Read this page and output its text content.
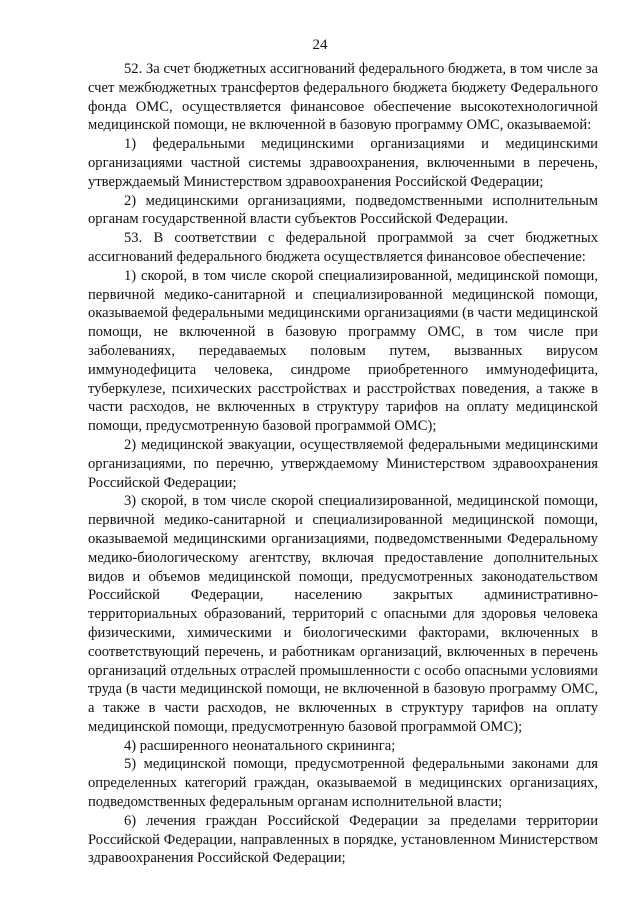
24

52. За счет бюджетных ассигнований федерального бюджета, в том числе за счет межбюджетных трансфертов федерального бюджета бюджету Федерального фонда ОМС, осуществляется финансовое обеспечение высокотехнологичной медицинской помощи, не включенной в базовую программу ОМС, оказываемой:

1) федеральными медицинскими организациями и медицинскими организациями частной системы здравоохранения, включенными в перечень, утверждаемый Министерством здравоохранения Российской Федерации;

2) медицинскими организациями, подведомственными исполнительным органам государственной власти субъектов Российской Федерации.

53. В соответствии с федеральной программой за счет бюджетных ассигнований федерального бюджета осуществляется финансовое обеспечение:

1) скорой, в том числе скорой специализированной, медицинской помощи, первичной медико-санитарной и специализированной медицинской помощи, оказываемой федеральными медицинскими организациями (в части медицинской помощи, не включенной в базовую программу ОМС, в том числе при заболеваниях, передаваемых половым путем, вызванных вирусом иммунодефицита человека, синдроме приобретенного иммунодефицита, туберкулезе, психических расстройствах и расстройствах поведения, а также в части расходов, не включенных в структуру тарифов на оплату медицинской помощи, предусмотренную базовой программой ОМС);

2) медицинской эвакуации, осуществляемой федеральными медицинскими организациями, по перечню, утверждаемому Министерством здравоохранения Российской Федерации;

3) скорой, в том числе скорой специализированной, медицинской помощи, первичной медико-санитарной и специализированной медицинской помощи, оказываемой медицинскими организациями, подведомственными Федеральному медико-биологическому агентству, включая предоставление дополнительных видов и объемов медицинской помощи, предусмотренных законодательством Российской Федерации, населению закрытых административно-территориальных образований, территорий с опасными для здоровья человека физическими, химическими и биологическими факторами, включенных в соответствующий перечень, и работникам организаций, включенных в перечень организаций отдельных отраслей промышленности с особо опасными условиями труда (в части медицинской помощи, не включенной в базовую программу ОМС, а также в части расходов, не включенных в структуру тарифов на оплату медицинской помощи, предусмотренную базовой программой ОМС);

4) расширенного неонатального скрининга;

5) медицинской помощи, предусмотренной федеральными законами для определенных категорий граждан, оказываемой в медицинских организациях, подведомственных федеральным органам исполнительной власти;

6) лечения граждан Российской Федерации за пределами территории Российской Федерации, направленных в порядке, установленном Министерством здравоохранения Российской Федерации;
